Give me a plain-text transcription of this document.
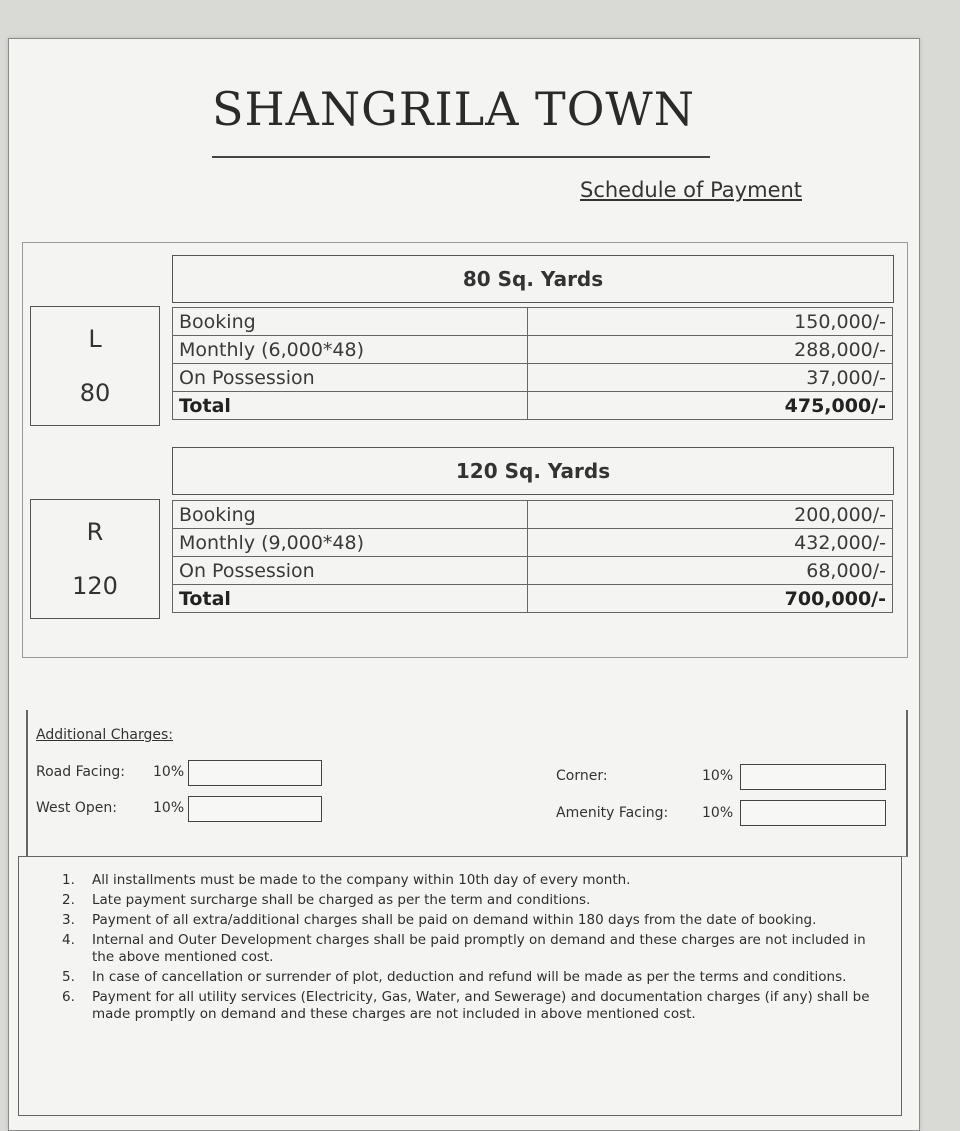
SHANGRILA TOWN
Schedule of Payment
L
80
80 Sq. Yards
Booking	150,000/-
Monthly (6,000*48)	288,000/-
On Possession	37,000/-
Total	475,000/-
R
120
120 Sq. Yards
Booking	200,000/-
Monthly (9,000*48)	432,000/-
On Possession	68,000/-
Total	700,000/-
Additional Charges:
Road Facing: 10%
West Open:	10%
Corner:	10%
Amenity Facing: 10%
1. All installments must be made to the company within 10th day of every month.
2. Late payment surcharge shall be charged as per the term and conditions.
3. Payment of all extra/additional charges shall be paid on demand within 180 days from the date of booking.
4. Internal and Outer Development charges shall be paid promptly on demand and these charges are not included in the above mentioned cost.
5. In case of cancellation or surrender of plot, deduction and refund will be made as per the terms and conditions.
6. Payment for all utility services (Electricity, Gas, Water, and Sewerage) and documentation charges (if any) shall be made promptly on demand and these charges are not included in above mentioned cost.
